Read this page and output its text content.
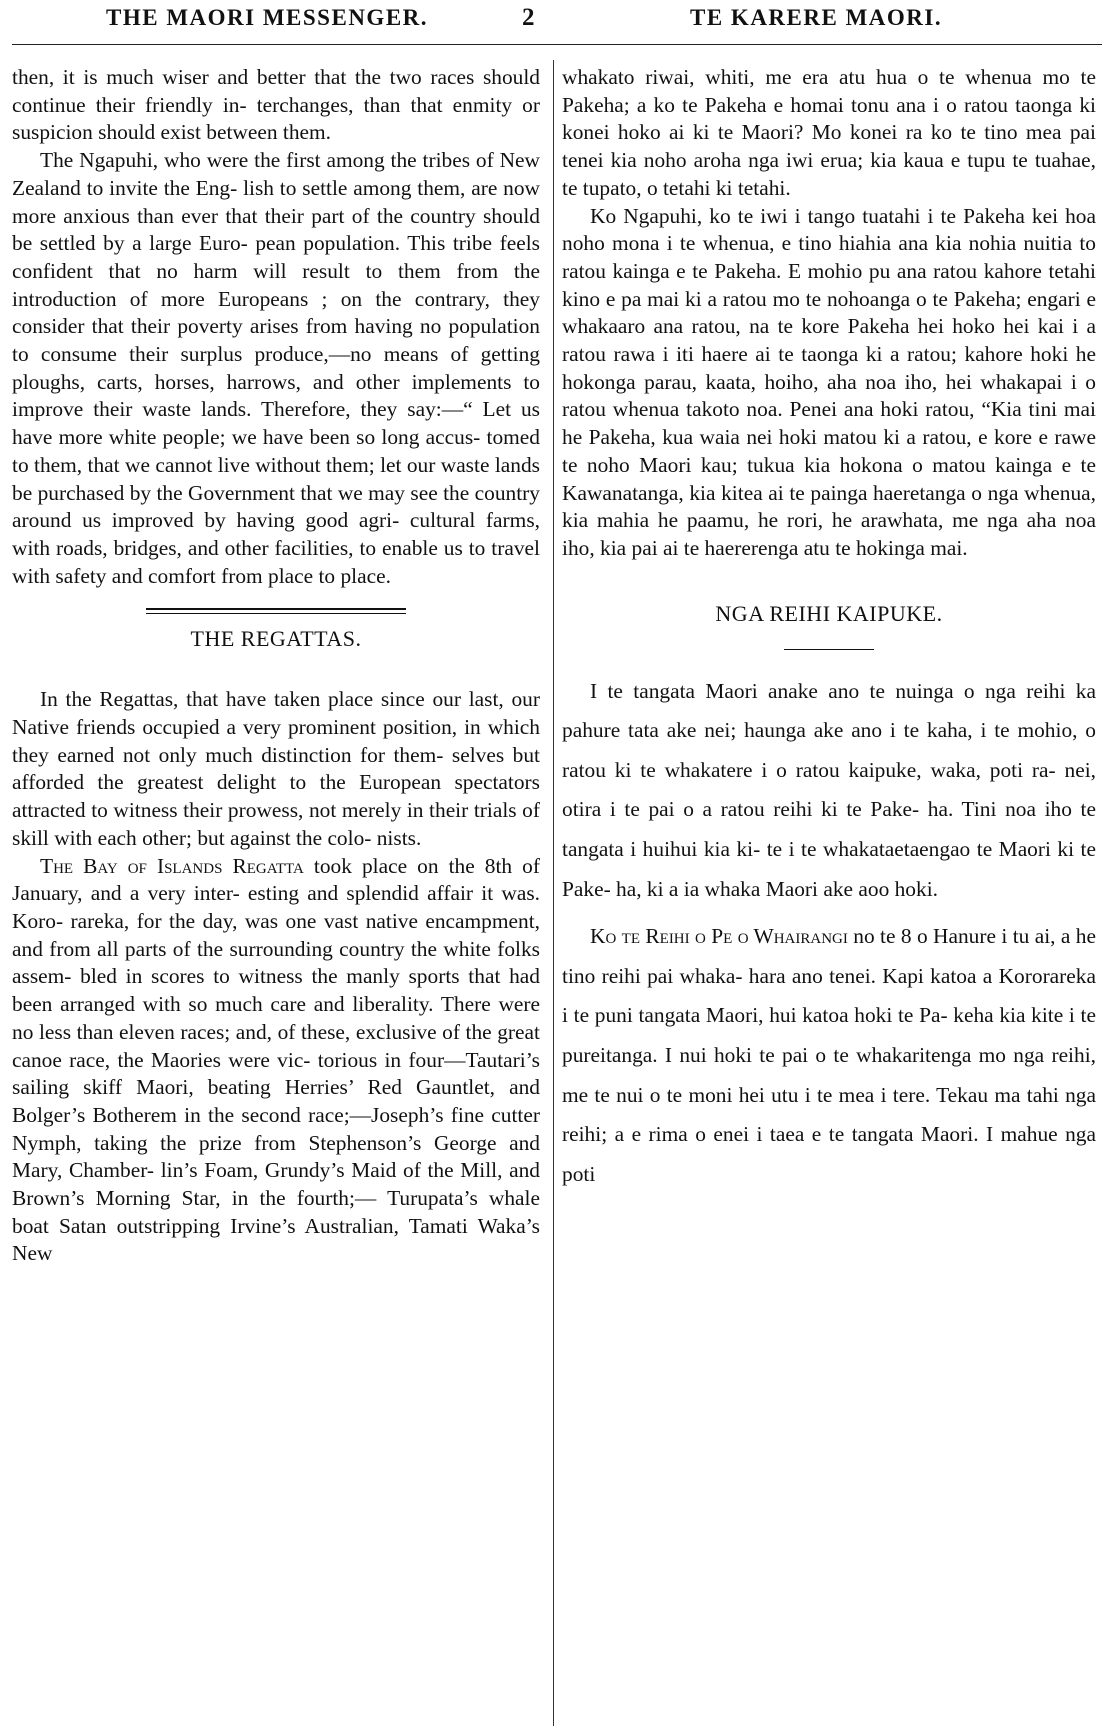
THE MAORI MESSENGER.	2	TE KARERE MAORI.

then, it is much wiser and better that the two races should continue their friendly in- terchanges, than that enmity or suspicion should exist between them.

The Ngapuhi, who were the first among the tribes of New Zealand to invite the Eng- lish to settle among them, are now more anxious than ever that their part of the country should be settled by a large Euro- pean population. This tribe feels confident that no harm will result to them from the introduction of more Europeans ; on the contrary, they consider that their poverty arises from having no population to consume their surplus produce,—no means of getting ploughs, carts, horses, harrows, and other implements to improve their waste lands. Therefore, they say:—“ Let us have more white people; we have been so long accus- tomed to them, that we cannot live without them; let our waste lands be purchased by the Government that we may see the country around us improved by having good agri- cultural farms, with roads, bridges, and other facilities, to enable us to travel with safety and comfort from place to place.

THE REGATTAS.

In the Regattas, that have taken place since our last, our Native friends occupied a very prominent position, in which they earned not only much distinction for them- selves but afforded the greatest delight to the European spectators attracted to witness their prowess, not merely in their trials of skill with each other; but against the colo- nists.

The Bay of Islands Regatta took place on the 8th of January, and a very inter- esting and splendid affair it was. Koro- rareka, for the day, was one vast native encampment, and from all parts of the surrounding country the white folks assem- bled in scores to witness the manly sports that had been arranged with so much care and liberality. There were no less than eleven races; and, of these, exclusive of the great canoe race, the Maories were vic- torious in four—Tautari’s sailing skiff Maori, beating Herries’ Red Gauntlet, and Bolger’s Botherem in the second race;—Joseph’s fine cutter Nymph, taking the prize from Stephenson’s George and Mary, Chamber- lin’s Foam, Grundy’s Maid of the Mill, and Brown’s Morning Star, in the fourth;— Turupata’s whale boat Satan outstripping Irvine’s Australian, Tamati Waka’s New

whakato riwai, whiti, me era atu hua o te whenua mo te Pakeha; a ko te Pakeha e homai tonu ana i o ratou taonga ki konei hoko ai ki te Maori? Mo konei ra ko te tino mea pai tenei kia noho aroha nga iwi erua; kia kaua e tupu te tuahae, te tupato, o tetahi ki tetahi.

Ko Ngapuhi, ko te iwi i tango tuatahi i te Pakeha kei hoa noho mona i te whenua, e tino hiahia ana kia nohia nuitia to ratou kainga e te Pakeha. E mohio pu ana ratou kahore tetahi kino e pa mai ki a ratou mo te nohoanga o te Pakeha; engari e whakaaro ana ratou, na te kore Pakeha hei hoko hei kai i a ratou rawa i iti haere ai te taonga ki a ratou; kahore hoki he hokonga parau, kaata, hoiho, aha noa iho, hei whakapai i o ratou whenua takoto noa. Penei ana hoki ratou, “Kia tini mai he Pakeha, kua waia nei hoki matou ki a ratou, e kore e rawe te noho Maori kau; tukua kia hokona o matou kainga e te Kawanatanga, kia kitea ai te painga haeretanga o nga whenua, kia mahia he paamu, he rori, he arawhata, me nga aha noa iho, kia pai ai te haererenga atu te hokinga mai.

NGA REIHI KAIPUKE.

I te tangata Maori anake ano te nuinga o nga reihi ka pahure tata ake nei; haunga ake ano i te kaha, i te mohio, o ratou ki te whakatere i o ratou kaipuke, waka, poti ra- nei, otira i te pai o a ratou reihi ki te Pake- ha. Tini noa iho te tangata i huihui kia ki- te i te whakataetaengao te Maori ki te Pake- ha, ki a ia whaka Maori ake aoo hoki.

Ko te Reihi o Pe o Whairangi no te 8 o Hanure i tu ai, a he tino reihi pai whaka- hara ano tenei. Kapi katoa a Kororareka i te puni tangata Maori, hui katoa hoki te Pa- keha kia kite i te pureitanga. I nui hoki te pai o te whakaritenga mo nga reihi, me te nui o te moni hei utu i te mea i tere. Tekau ma tahi nga reihi; a e rima o enei i taea e te tangata Maori. I mahue nga poti
